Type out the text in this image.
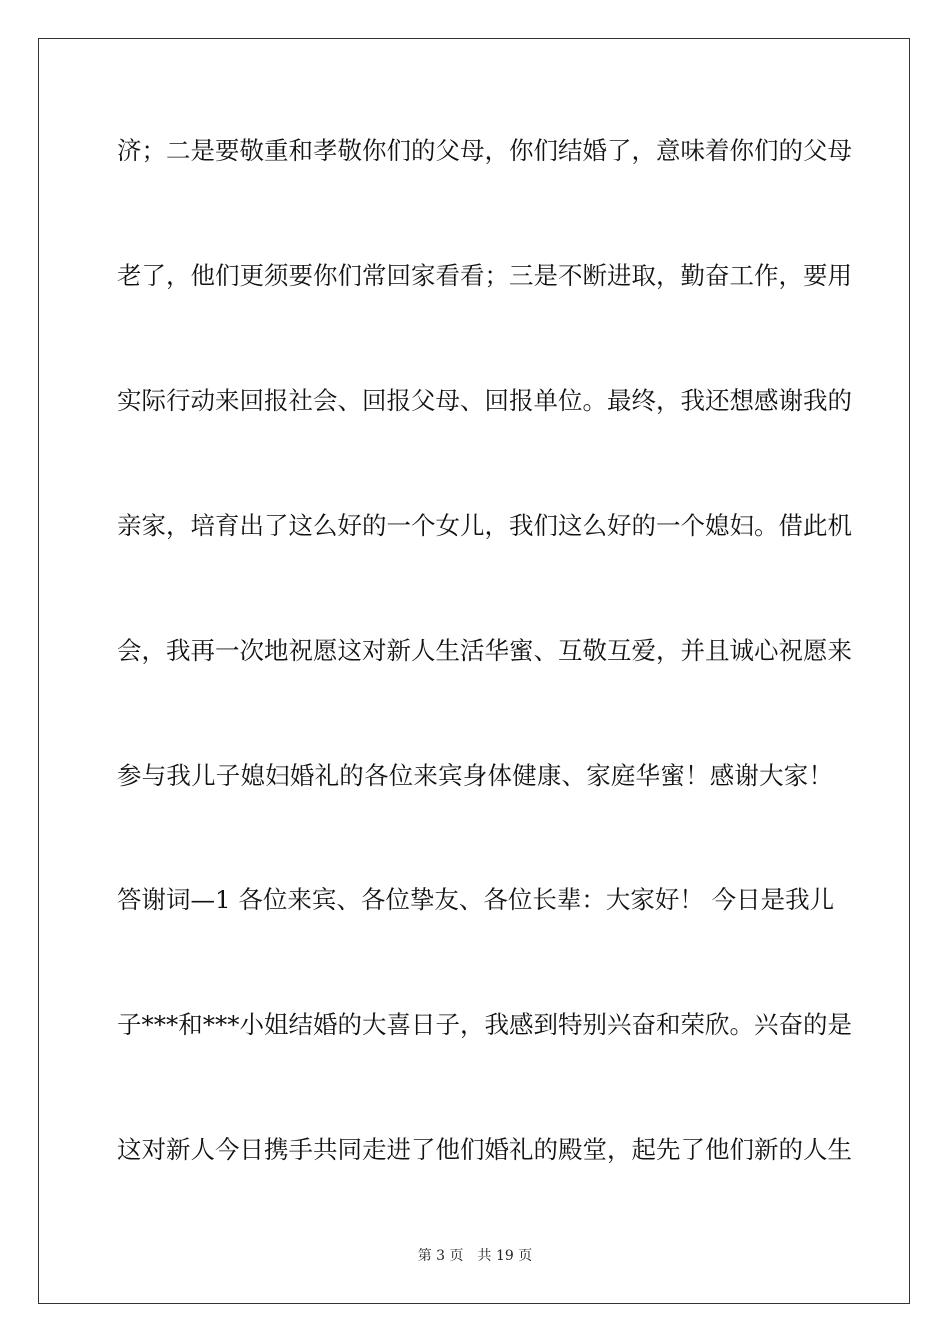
济；二是要敬重和孝敬你们的父母，你们结婚了，意味着你们的父母
老了，他们更须要你们常回家看看；三是不断进取，勤奋工作，要用
实际行动来回报社会、回报父母、回报单位。最终，我还想感谢我的
亲家，培育出了这么好的一个女儿，我们这么好的一个媳妇。借此机
会，我再一次地祝愿这对新人生活华蜜、互敬互爱，并且诚心祝愿来
参与我儿子媳妇婚礼的各位来宾身体健康、家庭华蜜！感谢大家！
答谢词—1 各位来宾、各位挚友、各位长辈：大家好！ 今日是我儿
子***和***小姐结婚的大喜日子，我感到特别兴奋和荣欣。兴奋的是
这对新人今日携手共同走进了他们婚礼的殿堂，起先了他们新的人生
第 3 页 共 19 页
